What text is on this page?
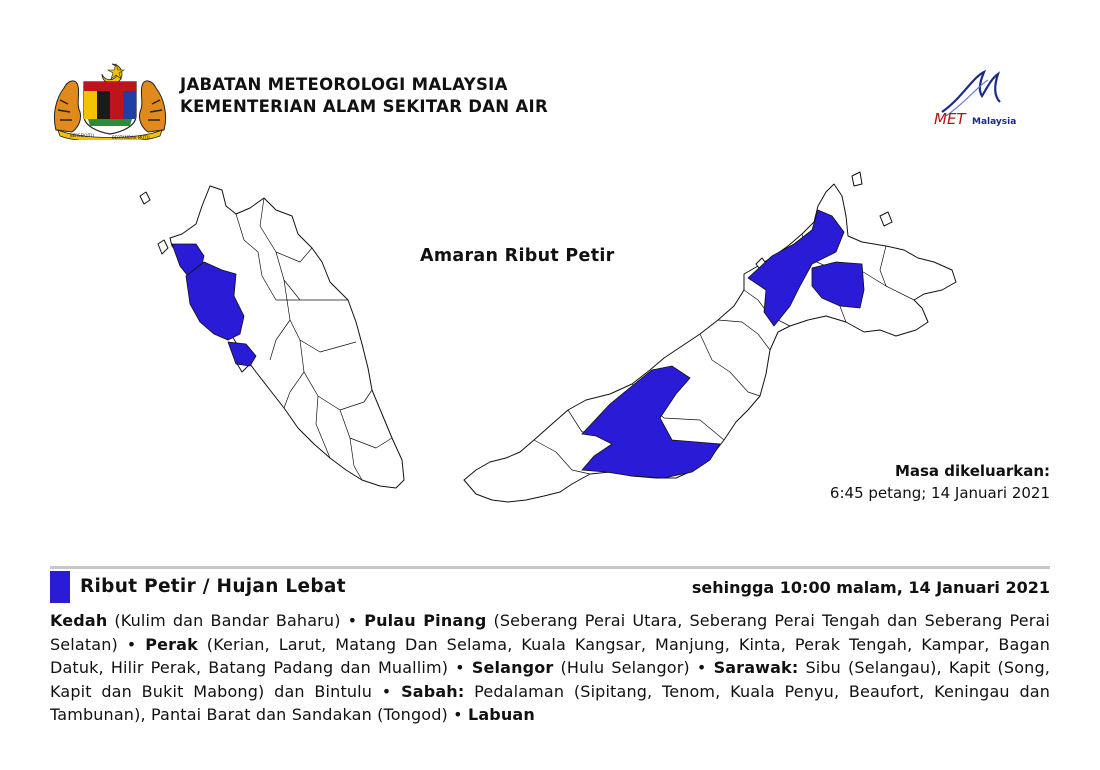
BERSEKUTU	BERTAMBAH MUTU
JABATAN METEOROLOGI MALAYSIA
KEMENTERIAN ALAM SEKITAR DAN AIR
MET Malaysia
Amaran Ribut Petir
Masa dikeluarkan:
6:45 petang; 14 Januari 2021
Ribut Petir / Hujan Lebat	sehingga 10:00 malam, 14 Januari 2021
Kedah (Kulim dan Bandar Baharu) • Pulau Pinang (Seberang Perai Utara, Seberang Perai Tengah dan Seberang Perai Selatan) • Perak (Kerian, Larut, Matang Dan Selama, Kuala Kangsar, Manjung, Kinta, Perak Tengah, Kampar, Bagan Datuk, Hilir Perak, Batang Padang dan Muallim) • Selangor (Hulu Selangor) • Sarawak: Sibu (Selangau), Kapit (Song, Kapit dan Bukit Mabong) dan Bintulu • Sabah: Pedalaman (Sipitang, Tenom, Kuala Penyu, Beaufort, Keningau dan Tambunan), Pantai Barat dan Sandakan (Tongod) • Labuan
